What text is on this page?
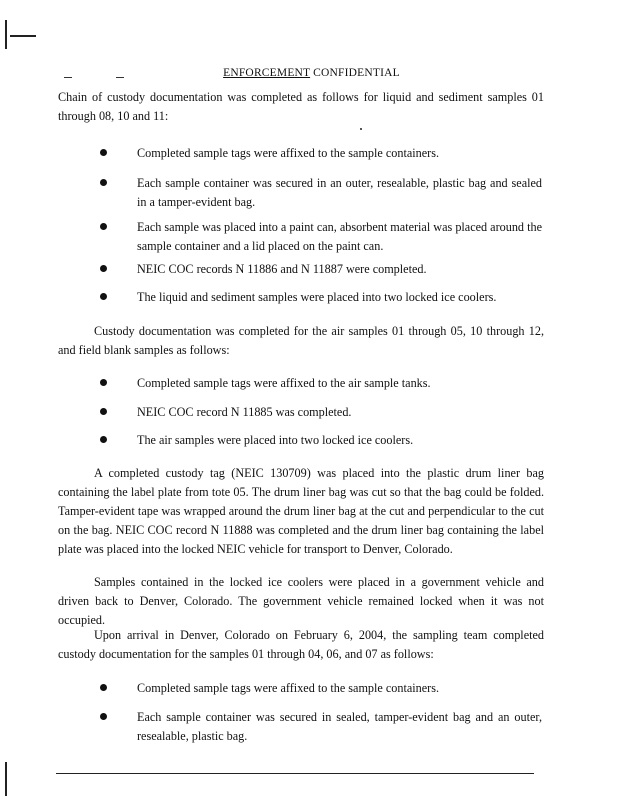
ENFORCEMENT CONFIDENTIAL
Chain of custody documentation was completed as follows for liquid and sediment samples 01 through 08, 10 and 11:
Completed sample tags were affixed to the sample containers.
Each sample container was secured in an outer, resealable, plastic bag and sealed in a tamper-evident bag.
Each sample was placed into a paint can, absorbent material was placed around the sample container and a lid placed on the paint can.
NEIC COC records N 11886 and N 11887 were completed.
The liquid and sediment samples were placed into two locked ice coolers.
Custody documentation was completed for the air samples 01 through 05, 10 through 12, and field blank samples as follows:
Completed sample tags were affixed to the air sample tanks.
NEIC COC record N 11885 was completed.
The air samples were placed into two locked ice coolers.
A completed custody tag (NEIC 130709) was placed into the plastic drum liner bag containing the label plate from tote 05. The drum liner bag was cut so that the bag could be folded. Tamper-evident tape was wrapped around the drum liner bag at the cut and perpendicular to the cut on the bag. NEIC COC record N 11888 was completed and the drum liner bag containing the label plate was placed into the locked NEIC vehicle for transport to Denver, Colorado.
Samples contained in the locked ice coolers were placed in a government vehicle and driven back to Denver, Colorado. The government vehicle remained locked when it was not occupied.
Upon arrival in Denver, Colorado on February 6, 2004, the sampling team completed custody documentation for the samples 01 through 04, 06, and 07 as follows:
Completed sample tags were affixed to the sample containers.
Each sample container was secured in sealed, tamper-evident bag and an outer, resealable, plastic bag.
